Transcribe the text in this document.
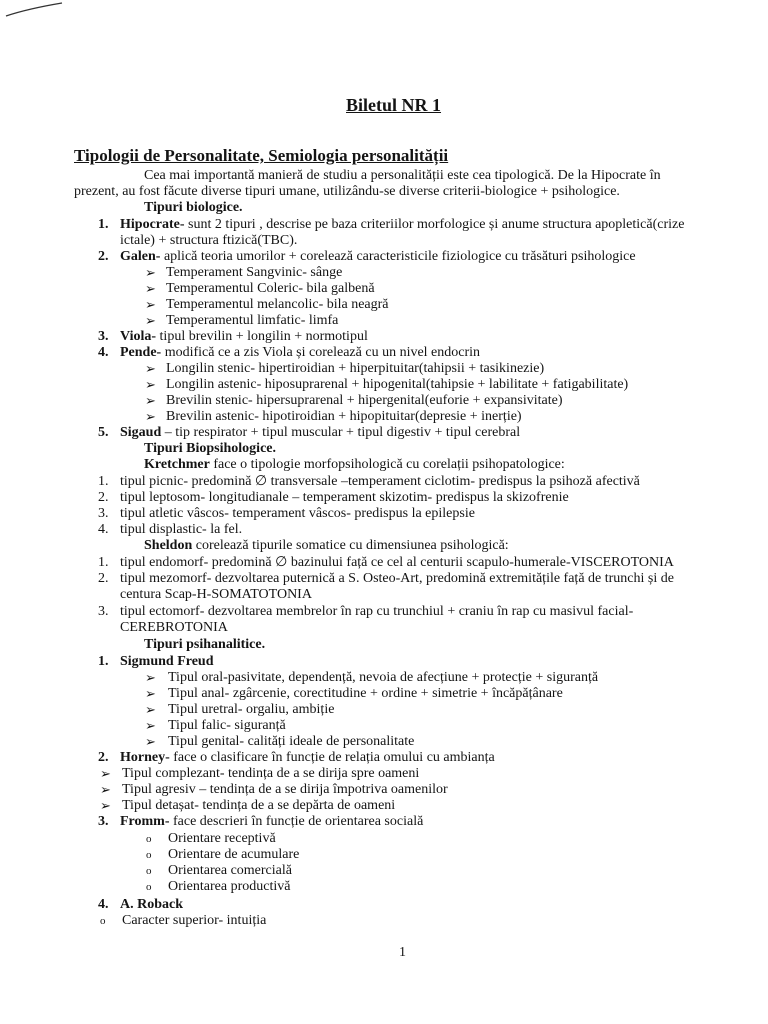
Biletul NR 1
Tipologii de Personalitate, Semiologia personalității
Cea mai importantă manieră de studiu a personalității este cea tipologică. De la Hipocrate în
prezent, au fost făcute diverse tipuri umane, utilizându-se diverse criterii-biologice + psihologice.
Tipuri biologice.
1. Hipocrate- sunt 2 tipuri , descrise pe baza criteriilor morfologice și anume structura apopletică(crize
ictale) + structura ftizică(TBC).
2. Galen- aplică teoria umorilor + corelează caracteristicile fiziologice cu trăsături psihologice
➢ Temperament Sangvinic- sânge
➢ Temperamentul Coleric- bila galbenă
➢ Temperamentul melancolic- bila neagră
➢ Temperamentul limfatic- limfa
3. Viola- tipul brevilin + longilin + normotipul
4. Pende- modifică ce a zis Viola și corelează cu un nivel endocrin
➢ Longilin stenic- hipertiroidian + hiperpituitar(tahipsii + tasikinezie)
➢ Longilin astenic- hiposuprarenal + hipogenital(tahipsie + labilitate + fatigabilitate)
➢ Brevilin stenic- hipersuprarenal + hipergenital(euforie + expansivitate)
➢ Brevilin astenic- hipotiroidian + hipopituitar(depresie + inerție)
5. Sigaud – tip respirator + tipul muscular + tipul digestiv + tipul cerebral
Tipuri Biopsihologice.
Kretchmer face o tipologie morfopsihologică cu corelații psihopatologice:
1. tipul picnic- predomină ∅ transversale –temperament ciclotim- predispus la psihoză afectivă
2. tipul leptosom- longitudianale – temperament skizotim- predispus la skizofrenie
3. tipul atletic vâscos- temperament vâscos- predispus la epilepsie
4. tipul displastic- la fel.
Sheldon corelează tipurile somatice cu dimensiunea psihologică:
1. tipul endomorf- predomină ∅ bazinului față ce cel al centurii scapulo-humerale-VISCEROTONIA
2. tipul mezomorf- dezvoltarea puternică a S. Osteo-Art, predomină extremitățile față de trunchi și de
centura Scap-H-SOMATOTONIA
3. tipul ectomorf- dezvoltarea membrelor în rap cu trunchiul + craniu în rap cu masivul facial-
CEREBROTONIA
Tipuri psihanalitice.
1. Sigmund Freud
➢ Tipul oral-pasivitate, dependență, nevoia de afecțiune + protecție + siguranță
➢ Tipul anal- zgârcenie, corectitudine + ordine + simetrie + încăpățânare
➢ Tipul uretral- orgaliu, ambiție
➢ Tipul falic- siguranță
➢ Tipul genital- calități ideale de personalitate
2. Horney- face o clasificare în funcție de relația omului cu ambianța
➢ Tipul complezant- tendința de a se dirija spre oameni
➢ Tipul agresiv – tendința de a se dirija împotriva oamenilor
➢ Tipul detașat- tendința de a se depărta de oameni
3. Fromm- face descrieri în funcție de orientarea socială
o Orientare receptivă
o Orientare de acumulare
o Orientarea comercială
o Orientarea productivă
4. A. Roback
o Caracter superior- intuiția
1
